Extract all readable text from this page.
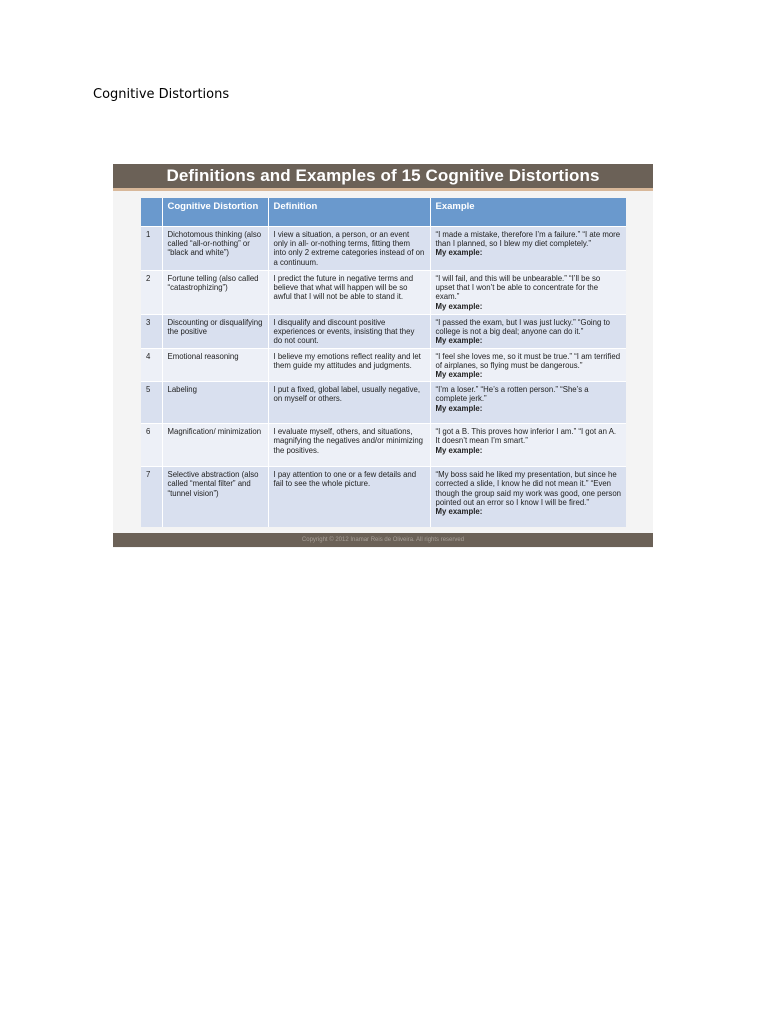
Cognitive Distortions
Definitions and Examples of 15 Cognitive Distortions
	Cognitive Distortion	Definition	Example
1	Dichotomous thinking (also called “all-or-nothing” or “black and white”)	I view a situation, a person, or an event only in all- or-nothing terms, fitting them into only 2 extreme categories instead of on a continuum.	“I made a mistake, therefore I’m a failure.” “I ate more than I planned, so I blew my diet completely.”
My example:

2	Fortune telling (also called “catastrophizing”)	I predict the future in negative terms and believe that what will happen will be so awful that I will not be able to stand it.	“I will fail, and this will be unbearable.” “I’ll be so upset that I won’t be able to concentrate for the exam.”
My example:

3	Discounting or disqualifying the positive	I disqualify and discount positive experiences or events, insisting that they do not count.	“I passed the exam, but I was just lucky.” “Going to college is not a big deal; anyone can do it.”
My example:

4	Emotional reasoning	I believe my emotions reflect reality and let them guide my attitudes and judgments.	“I feel she loves me, so it must be true.” “I am terrified of airplanes, so flying must be dangerous.”
My example:

5	Labeling	I put a fixed, global label, usually negative, on myself or others.	“I’m a loser.” “He’s a rotten person.” “She’s a complete jerk.”
My example:

6	Magnification/ minimization	I evaluate myself, others, and situations, magnifying the negatives and/or minimizing the positives.	“I got a B. This proves how inferior I am.” “I got an A. It doesn’t mean I’m smart.”
My example:

7	Selective abstraction (also called “mental filter” and “tunnel vision”)	I pay attention to one or a few details and fail to see the whole picture.	“My boss said he liked my presentation, but since he corrected a slide, I know he did not mean it.” “Even though the group said my work was good, one person pointed out an error so I know I will be fired.”
My example:
Copyright © 2012 Inamar Reis de Oliveira. All rights reserved
